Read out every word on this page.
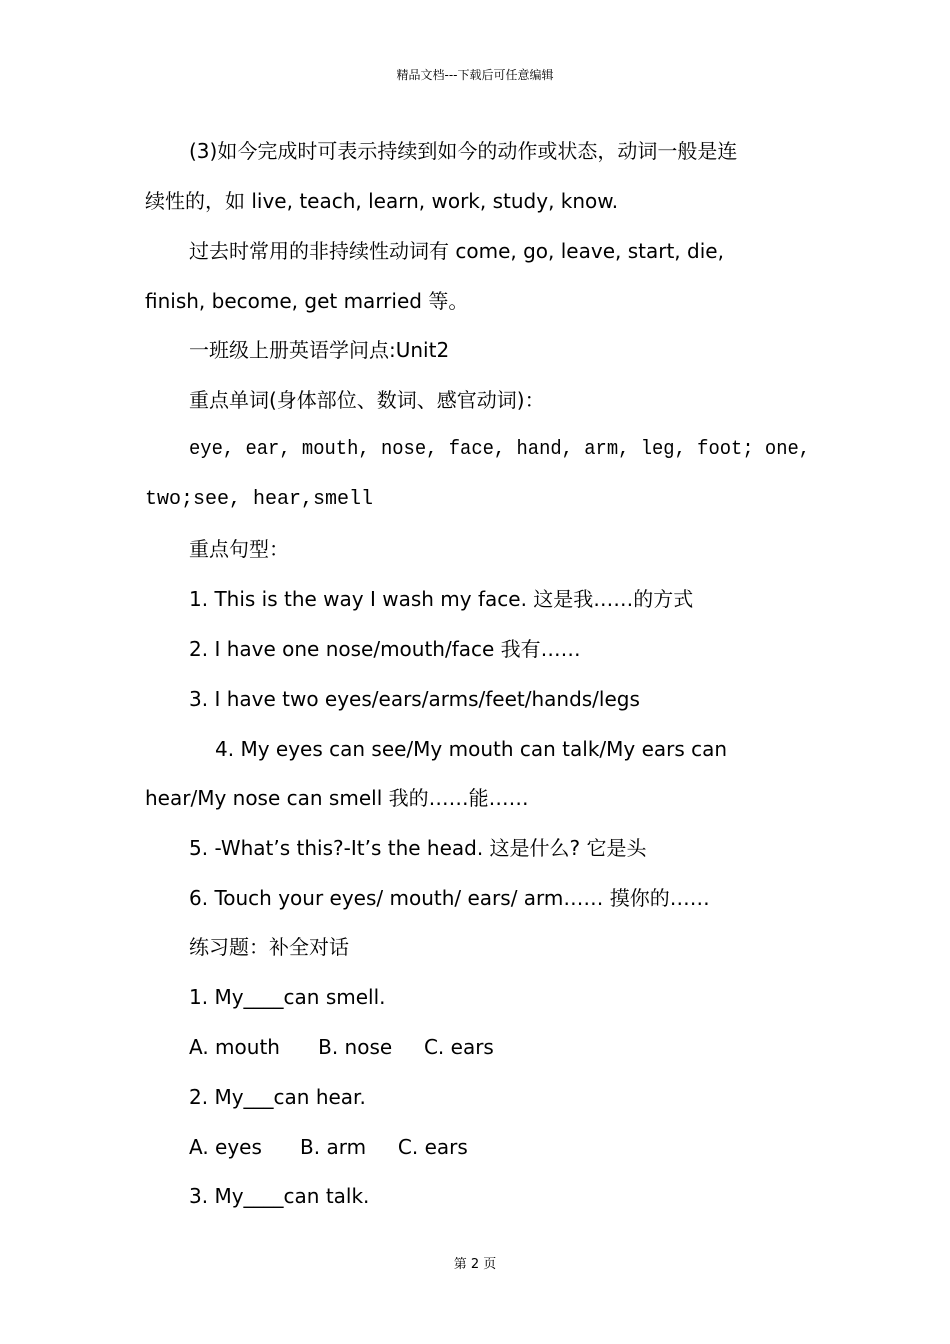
精品文档---下载后可任意编辑
(3)如今完成时可表示持续到如今的动作或状态，动词一般是连
续性的，如 live, teach, learn, work, study, know.
过去时常用的非持续性动词有 come, go, leave, start, die,
finish, become, get married 等。
一班级上册英语学问点:Unit2
重点单词(身体部位、数词、感官动词)：
eye, ear, mouth, nose, face, hand, arm, leg, foot; one,
two;see, hear,smell
重点句型：
1. This is the way I wash my face. 这是我……的方式
2. I have one nose/mouth/face 我有……
3. I have two eyes/ears/arms/feet/hands/legs
4. My eyes can see/My mouth can talk/My ears can
hear/My nose can smell 我的……能……
5. -What’s this?-It’s the head. 这是什么? 它是头
6. Touch your eyes/ mouth/ ears/ arm…… 摸你的……
练习题：补全对话
1. My____can smell.
A. mouth      B. nose     C. ears
2. My___can hear.
A. eyes      B. arm     C. ears
3. My____can talk.
第 2 页
